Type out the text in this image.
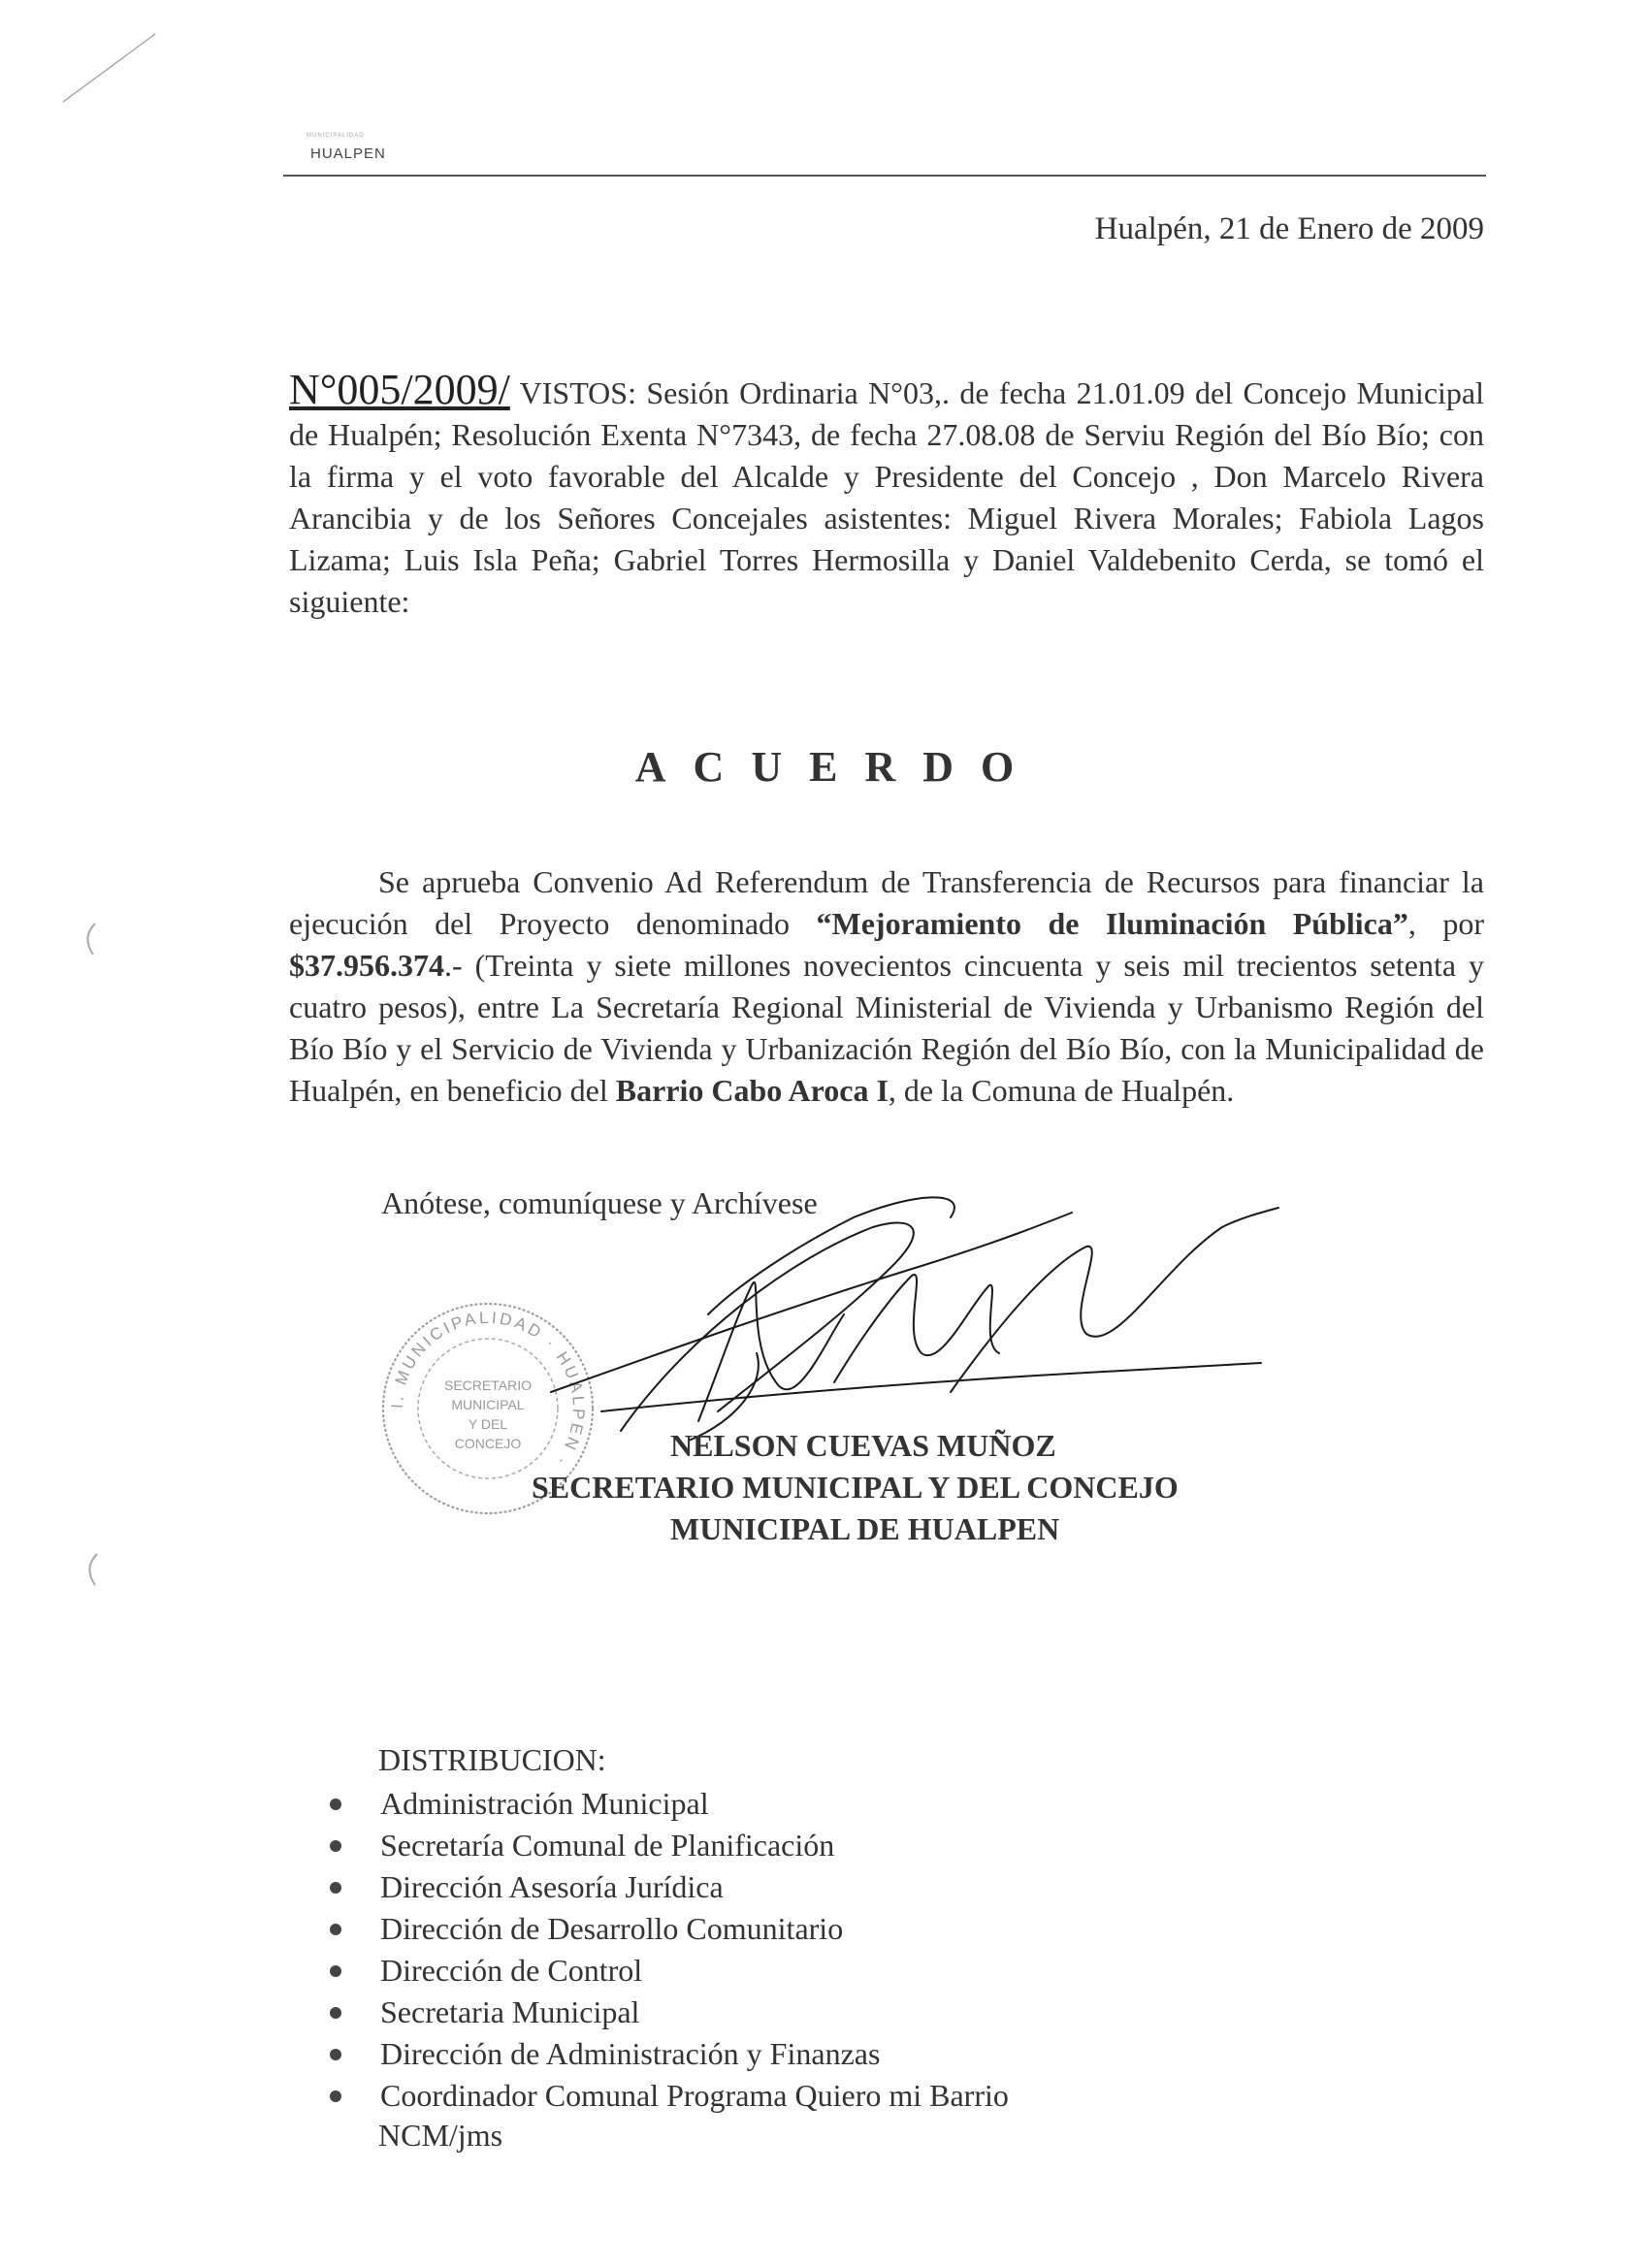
MUNICIPALIDAD
HUALPEN
Hualpén, 21 de Enero de 2009
N°005/2009/ VISTOS: Sesión Ordinaria N°03,. de fecha 21.01.09 del Concejo Municipal de Hualpén; Resolución Exenta N°7343, de fecha 27.08.08 de Serviu Región del Bío Bío; con la firma y el voto favorable del Alcalde y Presidente del Concejo , Don Marcelo Rivera Arancibia y de los Señores Concejales asistentes: Miguel Rivera Morales; Fabiola Lagos Lizama; Luis Isla Peña; Gabriel Torres Hermosilla y Daniel Valdebenito Cerda, se tomó el siguiente:
ACUERDO
Se aprueba Convenio Ad Referendum de Transferencia de Recursos para financiar la ejecución del Proyecto denominado “Mejoramiento de Iluminación Pública”, por $37.956.374.- (Treinta y siete millones novecientos cincuenta y seis mil trecientos setenta y cuatro pesos), entre La Secretaría Regional Ministerial de Vivienda y Urbanismo Región del Bío Bío y el Servicio de Vivienda y Urbanización Región del Bío Bío, con la Municipalidad de Hualpén, en beneficio del Barrio Cabo Aroca I, de la Comuna de Hualpén.
Anótese, comuníquese y Archívese
I. MUNICIPALIDAD · HUALPEN ·
SECRETARIO
MUNICIPAL
Y DEL
CONCEJO	NELSON CUEVAS MUÑOZ
SECRETARIO MUNICIPAL Y DEL CONCEJO
MUNICIPAL DE HUALPEN
DISTRIBUCION:
Administración Municipal
Secretaría Comunal de Planificación
Dirección Asesoría Jurídica
Dirección de Desarrollo Comunitario
Dirección de Control
Secretaria Municipal
Dirección de Administración y Finanzas
Coordinador Comunal Programa Quiero mi Barrio
NCM/jms
